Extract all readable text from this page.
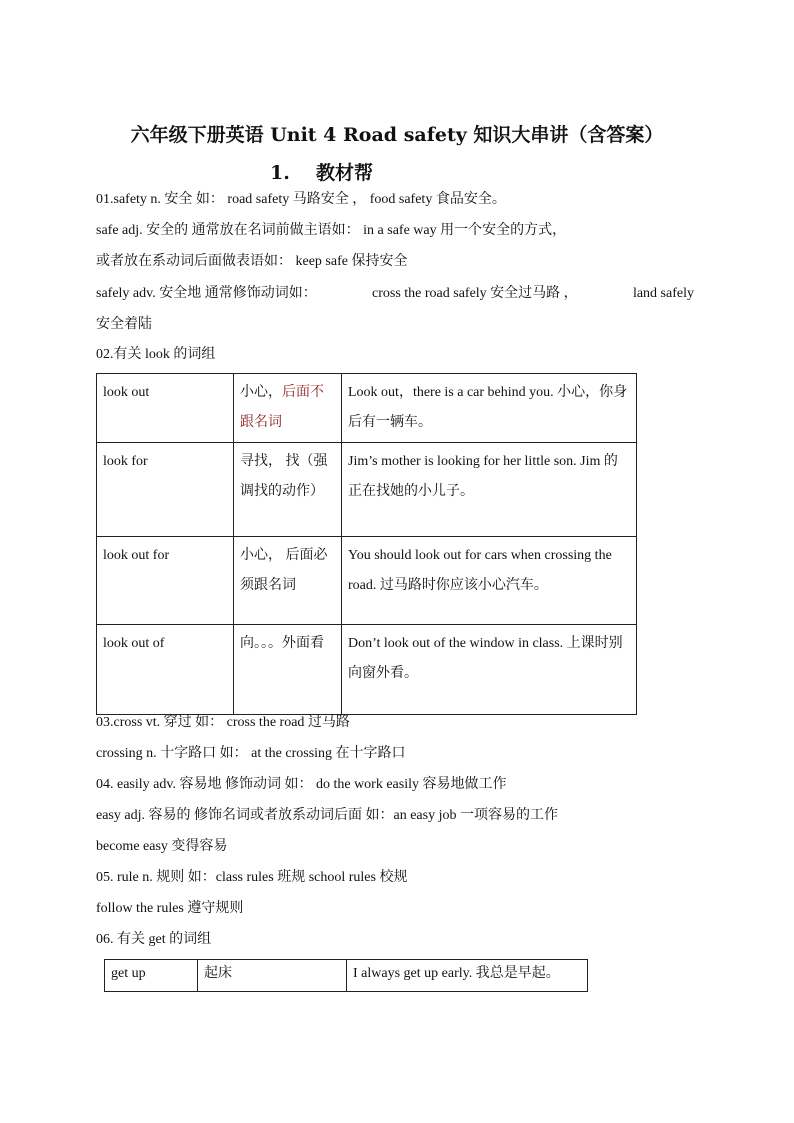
六年级下册英语 Unit 4 Road safety 知识大串讲（含答案）
1. 教材帮
01.safety n. 安全 如： road safety 马路安全 ， food safety 食品安全。
safe adj. 安全的 通常放在名词前做主语如： in a safe way 用一个安全的方式，
或者放在系动词后面做表语如： keep safe 保持安全
safely adv. 安全地 通常修饰动词如：	cross the road safely 安全过马路 ，	land safely
安全着陆
02.有关 look 的词组
look out	小心，后面不跟名词	Look out，there is a car behind you. 小心，你身后有一辆车。
look for	寻找， 找（强调找的动作）	Jim’s mother is looking for her little son. Jim 的 正在找她的小儿子。
look out for	小心， 后面必须跟名词	You should look out for cars when crossing the road. 过马路时你应该小心汽车。
look out of	向。。。外面看	Don’t look out of the window in class. 上课时别向窗外看。
03.cross vt. 穿过 如： cross the road 过马路
crossing n. 十字路口 如： at the crossing 在十字路口
04. easily adv. 容易地 修饰动词 如： do the work easily 容易地做工作
easy adj. 容易的 修饰名词或者放系动词后面 如：an easy job 一项容易的工作
become easy 变得容易
05. rule n. 规则 如：class rules 班规 school rules 校规
follow the rules 遵守规则
06. 有关 get 的词组
get up	起床	I always get up early. 我总是早起。
